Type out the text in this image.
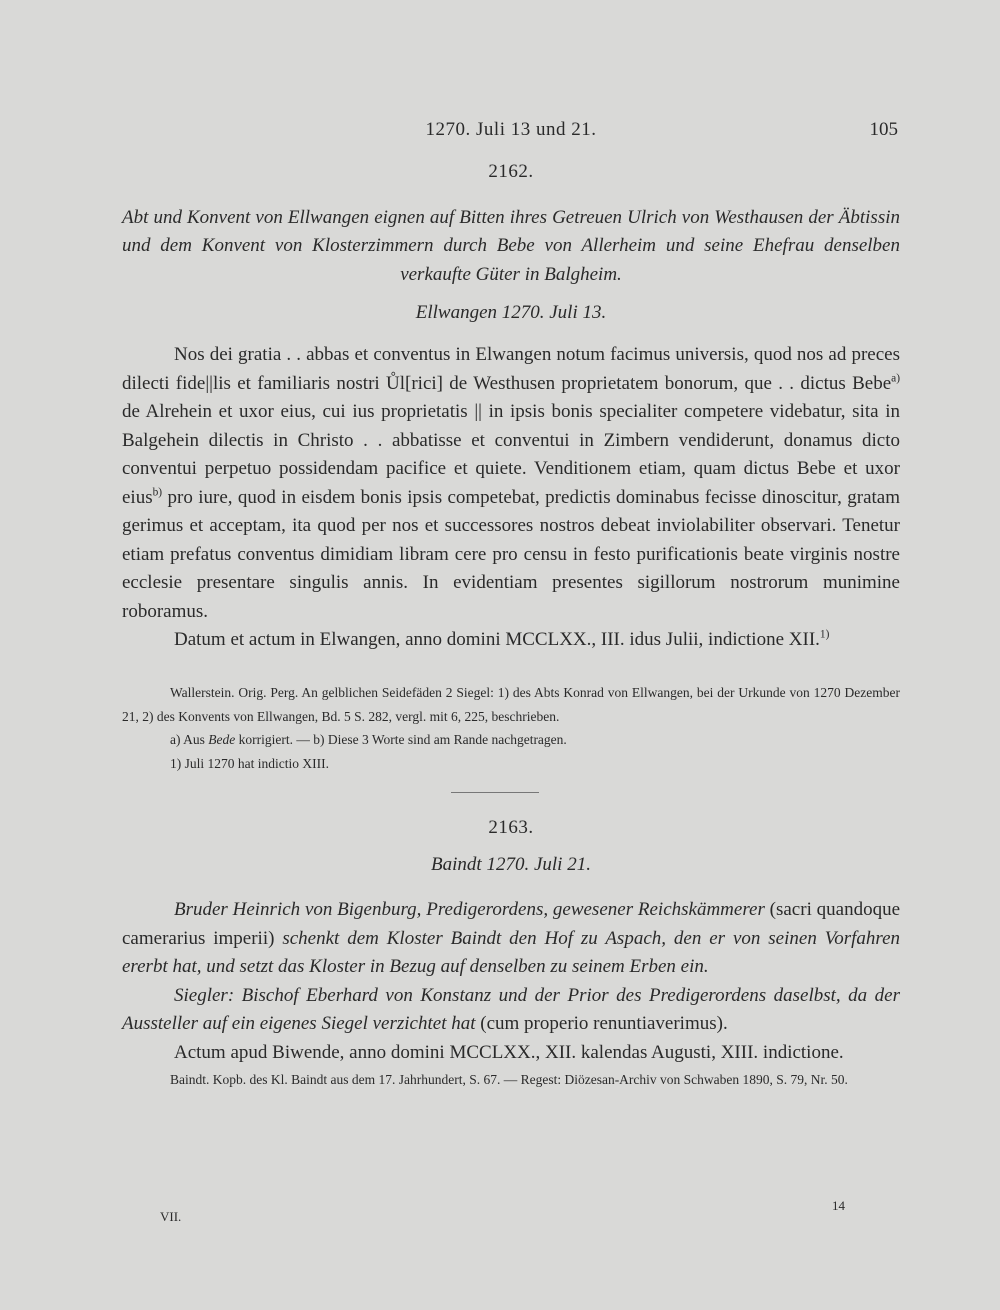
1270. Juli 13 und 21.	105
2162.

Abt und Konvent von Ellwangen eignen auf Bitten ihres Getreuen Ulrich von Westhausen der Äbtissin und dem Konvent von Klosterzimmern durch Bebe von Allerheim und seine Ehefrau denselben verkaufte Güter in Balgheim.

Ellwangen 1270. Juli 13.

Nos dei gratia . . abbas et conventus in Elwangen notum facimus universis, quod nos ad preces dilecti fide||lis et familiaris nostri Ůl[rici] de Westhusen proprietatem bonorum, que . . dictus Bebe$^{a)}$ de Alrehein et uxor eius, cui ius proprietatis || in ipsis bonis specialiter competere videbatur, sita in Balgehein dilectis in Christo . . abbatisse et conventui in Zimbern vendiderunt, donamus dicto conventui perpetuo possidendam pacifice et quiete. Venditionem etiam, quam dictus Bebe et uxor eius$^{b)}$ pro iure, quod in eisdem bonis ipsis competebat, predictis dominabus fecisse dinoscitur, gratam gerimus et acceptam, ita quod per nos et successores nostros debeat inviolabiliter observari. Tenetur etiam prefatus conventus dimidiam libram cere pro censu in festo purificationis beate virginis nostre ecclesie presentare singulis annis. In evidentiam presentes sigillorum nostrorum munimine roboramus.

Datum et actum in Elwangen, anno domini MCCLXX., III. idus Julii, indictione XII.$^{1)}$

Wallerstein. Orig. Perg. An gelblichen Seidefäden 2 Siegel: 1) des Abts Konrad von Ellwangen, bei der Urkunde von 1270 Dezember 21, 2) des Konvents von Ellwangen, Bd. 5 S. 282, vergl. mit 6, 225, beschrieben.

a) Aus Bede korrigiert. — b) Diese 3 Worte sind am Rande nachgetragen.

1) Juli 1270 hat indictio XIII.

2163.
Baindt 1270. Juli 21.

Bruder Heinrich von Bigenburg, Predigerordens, gewesener Reichskämmerer (sacri quandoque camerarius imperii) schenkt dem Kloster Baindt den Hof zu Aspach, den er von seinen Vorfahren ererbt hat, und setzt das Kloster in Bezug auf denselben zu seinem Erben ein.

Siegler: Bischof Eberhard von Konstanz und der Prior des Predigerordens daselbst, da der Aussteller auf ein eigenes Siegel verzichtet hat (cum properio renuntiaverimus).

Actum apud Biwende, anno domini MCCLXX., XII. kalendas Augusti, XIII. indictione.

Baindt. Kopb. des Kl. Baindt aus dem 17. Jahrhundert, S. 67. — Regest: Diözesan-Archiv von Schwaben 1890, S. 79, Nr. 50.

VII.
14
